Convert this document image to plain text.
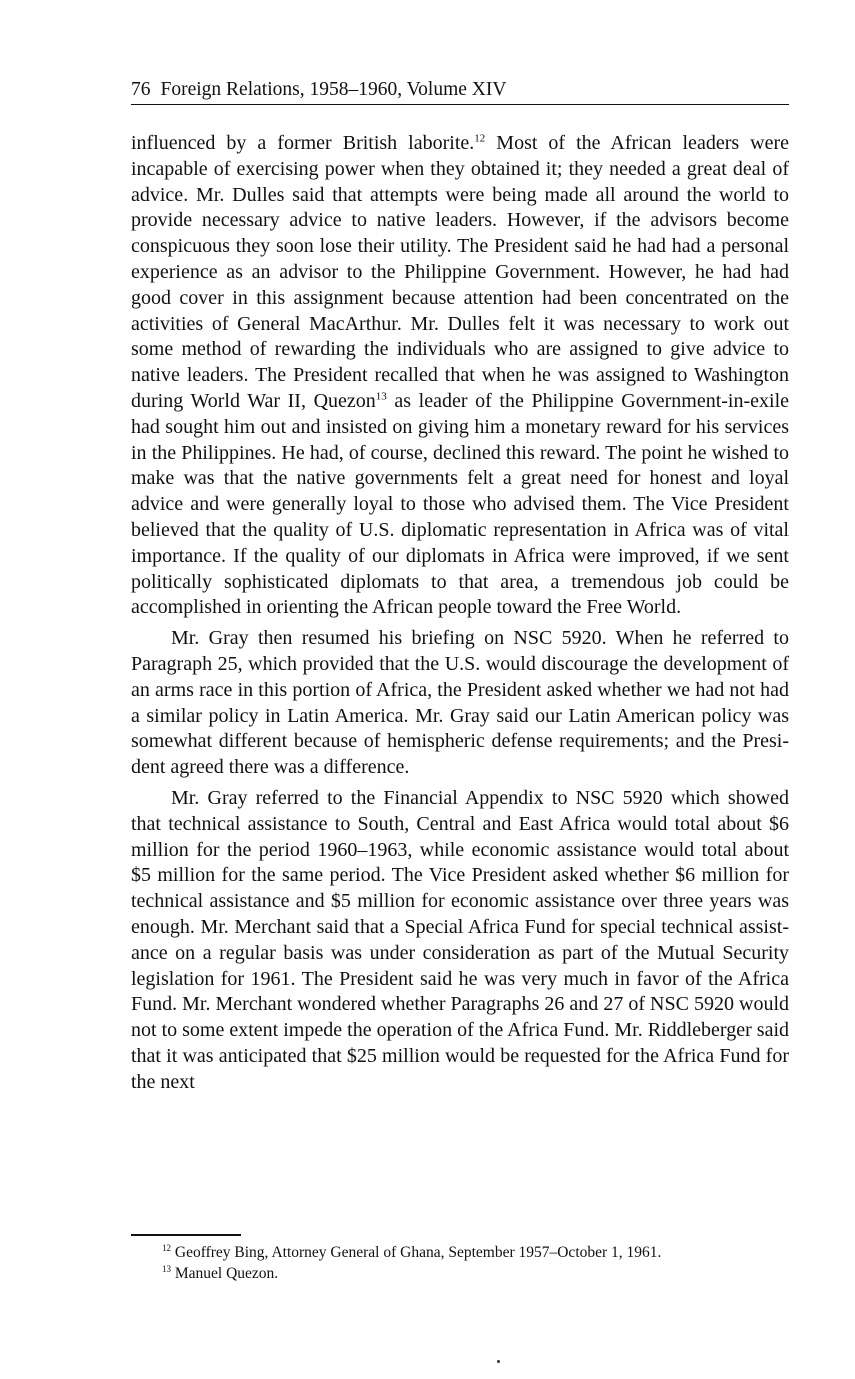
76 Foreign Relations, 1958–1960, Volume XIV

influenced by a former British laborite.$^{12}$ Most of the African leaders were incapable of exercising power when they obtained it; they needed a great deal of advice. Mr. Dulles said that attempts were being made all around the world to provide necessary advice to native leaders. However, if the advisors become conspicuous they soon lose their utility. The President said he had had a personal experience as an advisor to the Philippine Government. However, he had had good cover in this assignment because attention had been concentrated on the activities of General MacArthur. Mr. Dulles felt it was necessary to work out some method of rewarding the individuals who are assigned to give advice to native leaders. The President recalled that when he was assigned to Washington during World War II, Quezon$^{13}$ as leader of the Philippine Government-in-exile had sought him out and insisted on giving him a monetary reward for his services in the Philippines. He had, of course, declined this reward. The point he wished to make was that the native governments felt a great need for honest and loyal advice and were generally loyal to those who advised them. The Vice President believed that the quality of U.S. diplomatic representation in Africa was of vital importance. If the quality of our diplomats in Africa were improved, if we sent politically sophisticated diplomats to that area, a tremendous job could be accomplished in orienting the African people toward the Free World.

Mr. Gray then resumed his briefing on NSC 5920. When he referred to Paragraph 25, which provided that the U.S. would discourage the development of an arms race in this portion of Africa, the President asked whether we had not had a similar policy in Latin America. Mr. Gray said our Latin American policy was somewhat different because of hemispheric defense requirements; and the President agreed there was a difference.

Mr. Gray referred to the Financial Appendix to NSC 5920 which showed that technical assistance to South, Central and East Africa would total about $6 million for the period 1960–1963, while economic assistance would total about $5 million for the same period. The Vice President asked whether $6 million for technical assistance and $5 million for economic assistance over three years was enough. Mr. Merchant said that a Special Africa Fund for special technical assistance on a regular basis was under consideration as part of the Mutual Security legislation for 1961. The President said he was very much in favor of the Africa Fund. Mr. Merchant wondered whether Paragraphs 26 and 27 of NSC 5920 would not to some extent impede the operation of the Africa Fund. Mr. Riddleberger said that it was anticipated that $25 million would be requested for the Africa Fund for the next

$^{12}$ Geoffrey Bing, Attorney General of Ghana, September 1957–October 1, 1961.

$^{13}$ Manuel Quezon.
